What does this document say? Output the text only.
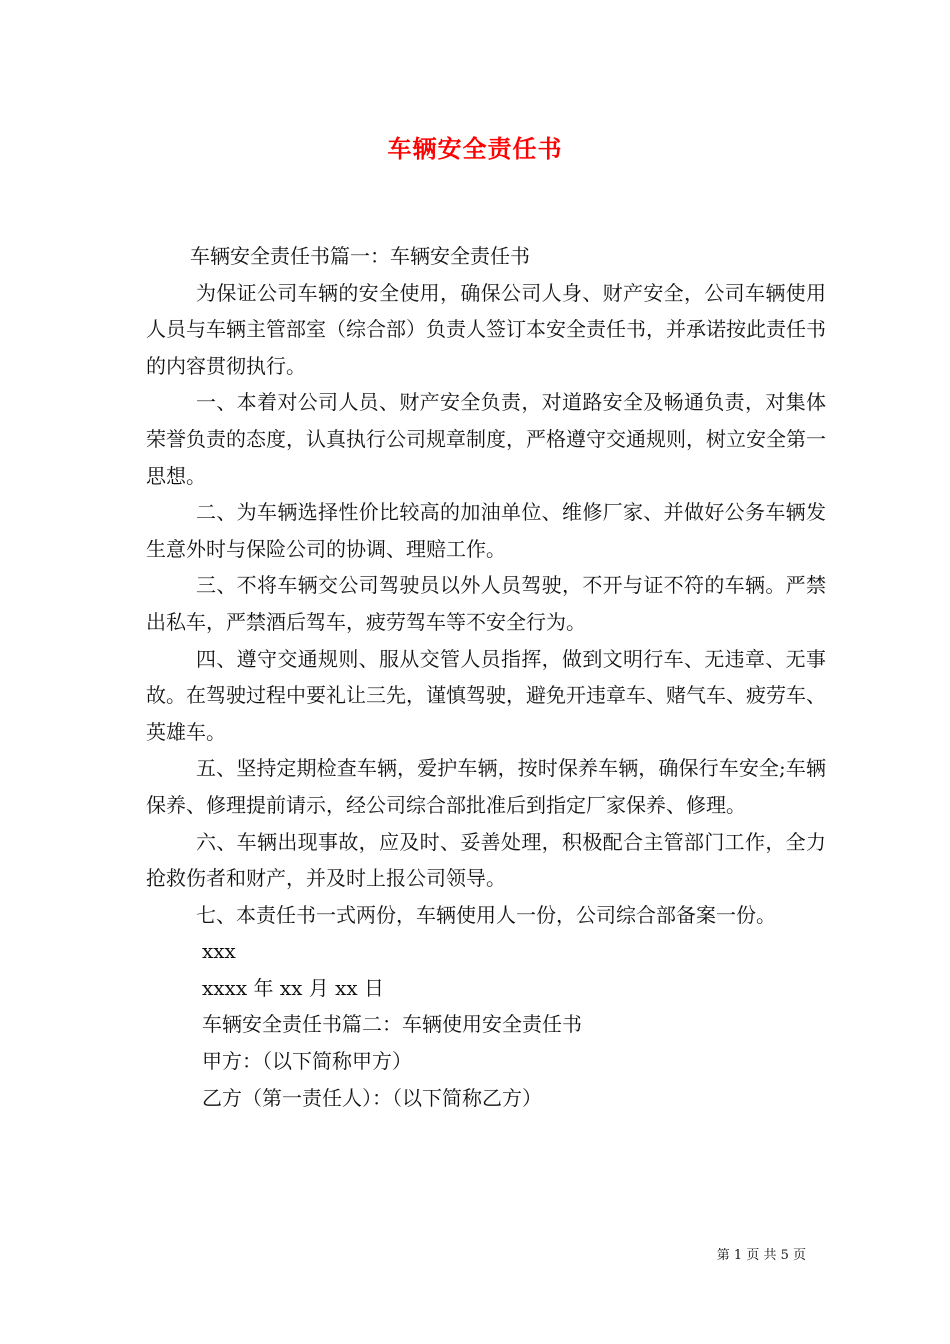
车辆安全责任书

车辆安全责任书篇一：车辆安全责任书

为保证公司车辆的安全使用，确保公司人身、财产安全，公司车辆使用人员与车辆主管部室（综合部）负责人签订本安全责任书，并承诺按此责任书的内容贯彻执行。

一、本着对公司人员、财产安全负责，对道路安全及畅通负责，对集体荣誉负责的态度，认真执行公司规章制度，严格遵守交通规则，树立安全第一思想。

二、为车辆选择性价比较高的加油单位、维修厂家、并做好公务车辆发生意外时与保险公司的协调、理赔工作。

三、不将车辆交公司驾驶员以外人员驾驶，不开与证不符的车辆。严禁出私车，严禁酒后驾车，疲劳驾车等不安全行为。

四、遵守交通规则、服从交管人员指挥，做到文明行车、无违章、无事故。在驾驶过程中要礼让三先，谨慎驾驶，避免开违章车、赌气车、疲劳车、英雄车。

五、坚持定期检查车辆，爱护车辆，按时保养车辆，确保行车安全;车辆保养、修理提前请示，经公司综合部批准后到指定厂家保养、修理。

六、车辆出现事故，应及时、妥善处理，积极配合主管部门工作，全力抢救伤者和财产，并及时上报公司领导。

七、本责任书一式两份，车辆使用人一份，公司综合部备案一份。

xxx

xxxx 年 xx 月 xx 日

车辆安全责任书篇二：车辆使用安全责任书

甲方：（以下简称甲方）

乙方（第一责任人）：（以下简称乙方）

第 1 页 共 5 页
